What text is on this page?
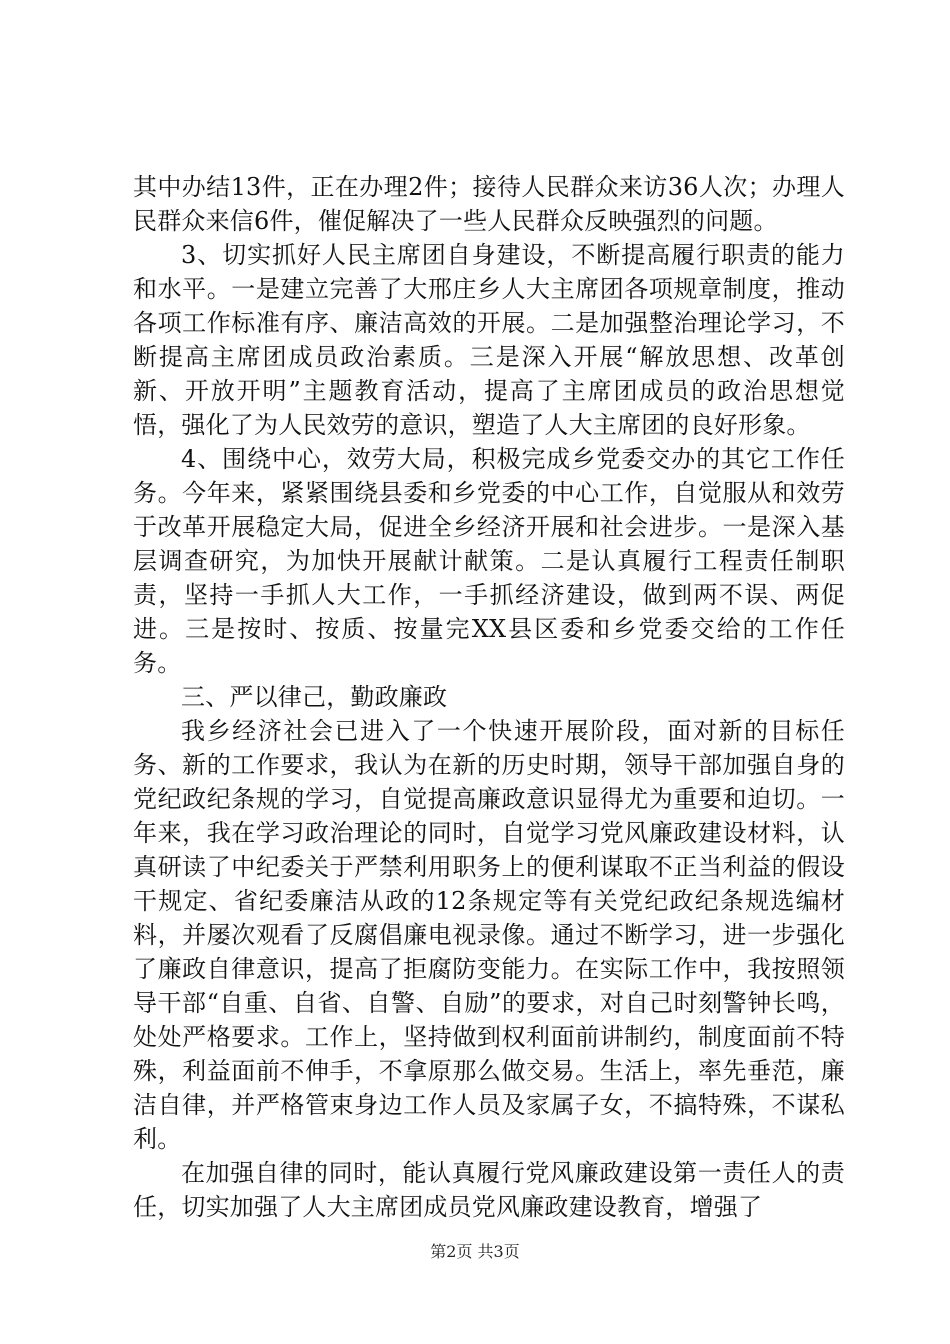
其中办结13件，正在办理2件；接待人民群众来访36人次；办理人民群众来信6件，催促解决了一些人民群众反映强烈的问题。

3、切实抓好人民主席团自身建设，不断提高履行职责的能力和水平。一是建立完善了大邢庄乡人大主席团各项规章制度，推动各项工作标准有序、廉洁高效的开展。二是加强整治理论学习，不断提高主席团成员政治素质。三是深入开展“解放思想、改革创新、开放开明”主题教育活动，提高了主席团成员的政治思想觉悟，强化了为人民效劳的意识，塑造了人大主席团的良好形象。

4、围绕中心，效劳大局，积极完成乡党委交办的其它工作任务。今年来，紧紧围绕县委和乡党委的中心工作，自觉服从和效劳于改革开展稳定大局，促进全乡经济开展和社会进步。一是深入基层调查研究，为加快开展献计献策。二是认真履行工程责任制职责，坚持一手抓人大工作，一手抓经济建设，做到两不误、两促进。三是按时、按质、按量完XX县区委和乡党委交给的工作任务。

三、严以律己，勤政廉政

我乡经济社会已进入了一个快速开展阶段，面对新的目标任务、新的工作要求，我认为在新的历史时期，领导干部加强自身的党纪政纪条规的学习，自觉提高廉政意识显得尤为重要和迫切。一年来，我在学习政治理论的同时，自觉学习党风廉政建设材料，认真研读了中纪委关于严禁利用职务上的便利谋取不正当利益的假设干规定、省纪委廉洁从政的12条规定等有关党纪政纪条规选编材料，并屡次观看了反腐倡廉电视录像。通过不断学习，进一步强化了廉政自律意识，提高了拒腐防变能力。在实际工作中，我按照领导干部“自重、自省、自警、自励”的要求，对自己时刻警钟长鸣，处处严格要求。工作上，坚持做到权利面前讲制约，制度面前不特殊，利益面前不伸手，不拿原那么做交易。生活上，率先垂范，廉洁自律，并严格管束身边工作人员及家属子女，不搞特殊，不谋私利。

在加强自律的同时，能认真履行党风廉政建设第一责任人的责任，切实加强了人大主席团成员党风廉政建设教育，增强了

第2页 共3页
